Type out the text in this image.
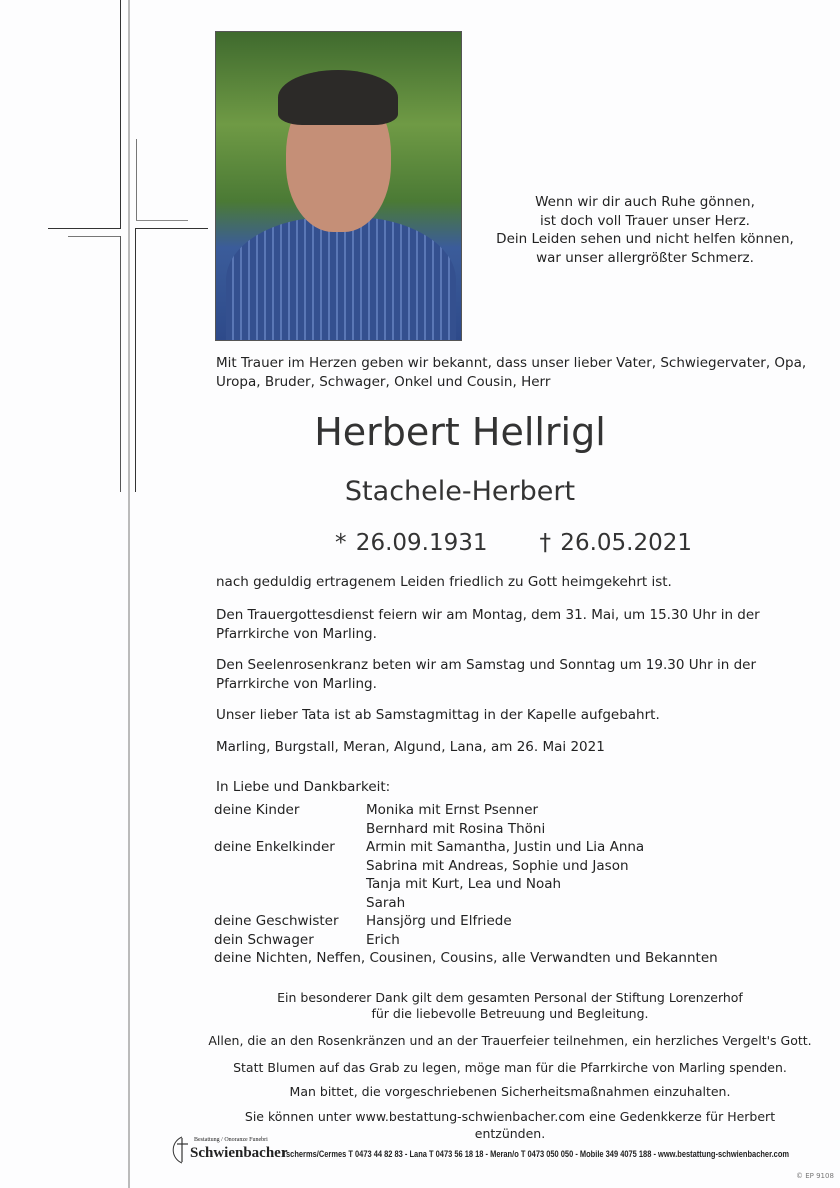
Wenn wir dir auch Ruhe gönnen,
ist doch voll Trauer unser Herz.
Dein Leiden sehen und nicht helfen können,
war unser allergrößter Schmerz.
Mit Trauer im Herzen geben wir bekannt, dass unser lieber Vater, Schwiegervater, Opa,
Uropa, Bruder, Schwager, Onkel und Cousin, Herr
Herbert Hellrigl
Stachele-Herbert
* 26.09.1931 † 26.05.2021
nach geduldig ertragenem Leiden friedlich zu Gott heimgekehrt ist.
Den Trauergottesdienst feiern wir am Montag, dem 31. Mai, um 15.30 Uhr in der Pfarrkirche von Marling.
Den Seelenrosenkranz beten wir am Samstag und Sonntag um 19.30 Uhr in der Pfarrkirche von Marling.
Unser lieber Tata ist ab Samstagmittag in der Kapelle aufgebahrt.
Marling, Burgstall, Meran, Algund, Lana, am 26. Mai 2021
In Liebe und Dankbarkeit:
deine Kinder	Monika mit Ernst Psenner
	Bernhard mit Rosina Thöni
deine Enkelkinder	Armin mit Samantha, Justin und Lia Anna
	Sabrina mit Andreas, Sophie und Jason
	Tanja mit Kurt, Lea und Noah
	Sarah
deine Geschwister	Hansjörg und Elfriede
dein Schwager	Erich
deine Nichten, Neffen, Cousinen, Cousins, alle Verwandten und Bekannten	
Ein besonderer Dank gilt dem gesamten Personal der Stiftung Lorenzerhof
für die liebevolle Betreuung und Begleitung.
Allen, die an den Rosenkränzen und an der Trauerfeier teilnehmen, ein herzliches Vergelt's Gott.
Statt Blumen auf das Grab zu legen, möge man für die Pfarrkirche von Marling spenden.
Man bittet, die vorgeschriebenen Sicherheitsmaßnahmen einzuhalten.
Sie können unter www.bestattung-schwienbacher.com eine Gedenkkerze für Herbert entzünden.
Bestattung / Onoranze Funebri
Schwienbacher
Tscherms/Cermes T 0473 44 82 83 - Lana T 0473 56 18 18 - Meran/o T 0473 050 050 - Mobile 349 4075 188 - www.bestattung-schwienbacher.com
© EP 9108
